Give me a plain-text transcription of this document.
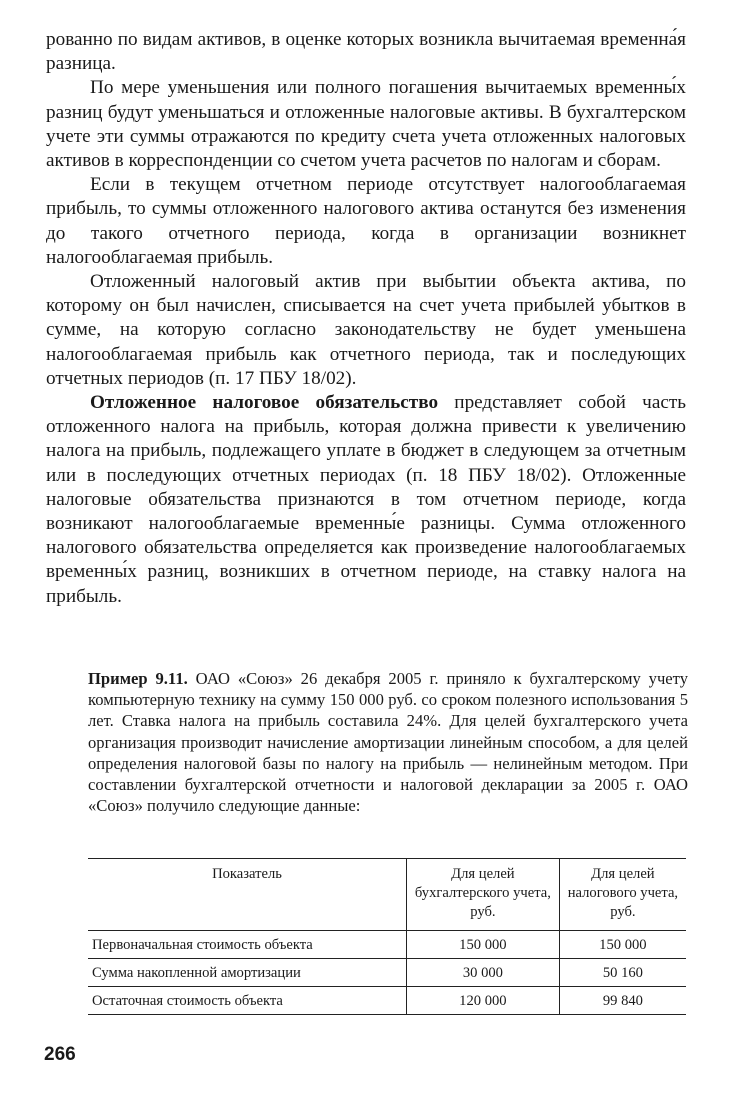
рованно по видам активов, в оценке которых возникла вычитаемая временна́я разница.

По мере уменьшения или полного погашения вычитаемых временны́х разниц будут уменьшаться и отложенные налоговые активы. В бухгалтерском учете эти суммы отражаются по кредиту счета учета отложенных налоговых активов в корреспонденции со счетом учета расчетов по налогам и сборам.

Если в текущем отчетном периоде отсутствует налогооблагаемая прибыль, то суммы отложенного налогового актива останутся без изменения до такого отчетного периода, когда в организации возникнет налогооблагаемая прибыль.

Отложенный налоговый актив при выбытии объекта актива, по которому он был начислен, списывается на счет учета прибылей убытков в сумме, на которую согласно законодательству не будет уменьшена налогооблагаемая прибыль как отчетного периода, так и последующих отчетных периодов (п. 17 ПБУ 18/02).

Отложенное налоговое обязательство представляет собой часть отложенного налога на прибыль, которая должна привести к увеличению налога на прибыль, подлежащего уплате в бюджет в следующем за отчетным или в последующих отчетных периодах (п. 18 ПБУ 18/02). Отложенные налоговые обязательства признаются в том отчетном периоде, когда возникают налогооблагаемые временны́е разницы. Сумма отложенного налогового обязательства определяется как произведение налогооблагаемых временны́х разниц, возникших в отчетном периоде, на ставку налога на прибыль.

Пример 9.11. ОАО «Союз» 26 декабря 2005 г. приняло к бухгалтерскому учету компьютерную технику на сумму 150 000 руб. со сроком полезного использования 5 лет. Ставка налога на прибыль составила 24%. Для целей бухгалтерского учета организация производит начисление амортизации линейным способом, а для целей определения налоговой базы по налогу на прибыль — нелинейным методом. При составлении бухгалтерской отчетности и налоговой декларации за 2005 г. ОАО «Союз» получило следующие данные:

Показатель	Для целей бухгалтерского учета, руб.	Для целей налогового учета, руб.
Первоначальная стоимость объекта	150 000	150 000
Сумма накопленной амортизации	30 000	50 160
Остаточная стоимость объекта	120 000	99 840
266
